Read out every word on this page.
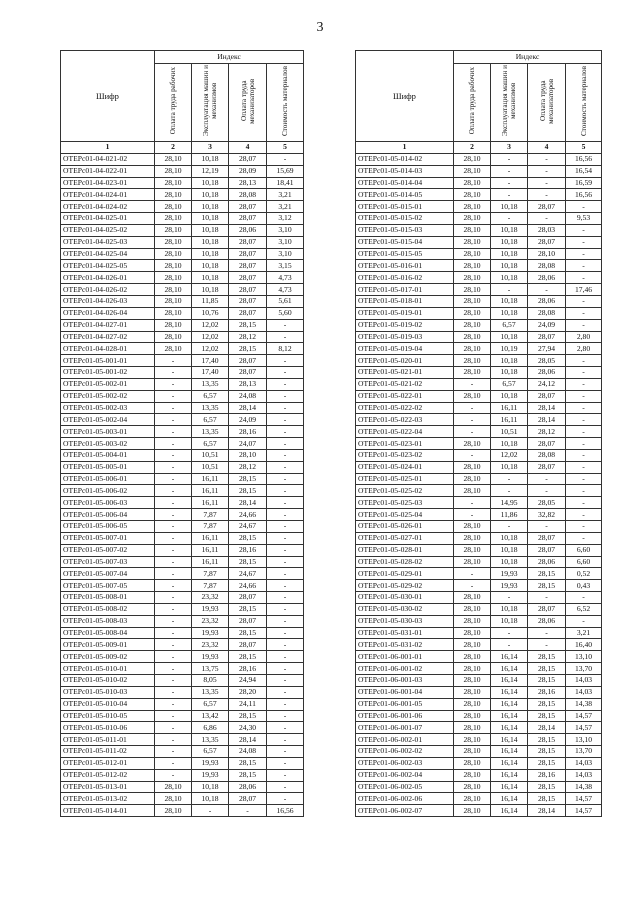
3
Шифр	Индекс			
	Оплата труда рабочих	Эксплуатация машин и механизмов	Оплата труда механизаторов	Стоимость материалов
1	2	3	4	5
ОТЕРс01-04-021-02	28,10	10,18	28,07	-
ОТЕРс01-04-022-01	28,10	12,19	28,09	15,69
ОТЕРс01-04-023-01	28,10	10,18	28,13	18,41
ОТЕРс01-04-024-01	28,10	10,18	28,08	3,21
ОТЕРс01-04-024-02	28,10	10,18	28,07	3,21
ОТЕРс01-04-025-01	28,10	10,18	28,07	3,12
ОТЕРс01-04-025-02	28,10	10,18	28,06	3,10
ОТЕРс01-04-025-03	28,10	10,18	28,07	3,10
ОТЕРс01-04-025-04	28,10	10,18	28,07	3,10
ОТЕРс01-04-025-05	28,10	10,18	28,07	3,15
ОТЕРс01-04-026-01	28,10	10,18	28,07	4,73
ОТЕРс01-04-026-02	28,10	10,18	28,07	4,73
ОТЕРс01-04-026-03	28,10	11,85	28,07	5,61
ОТЕРс01-04-026-04	28,10	10,76	28,07	5,60
ОТЕРс01-04-027-01	28,10	12,02	28,15	-
ОТЕРс01-04-027-02	28,10	12,02	28,12	-
ОТЕРс01-04-028-01	28,10	12,02	28,15	8,12
ОТЕРс01-05-001-01	-	17,40	28,07	-
ОТЕРс01-05-001-02	-	17,40	28,07	-
ОТЕРс01-05-002-01	-	13,35	28,13	-
ОТЕРс01-05-002-02	-	6,57	24,08	-
ОТЕРс01-05-002-03	-	13,35	28,14	-
ОТЕРс01-05-002-04	-	6,57	24,09	-
ОТЕРс01-05-003-01	-	13,35	28,16	-
ОТЕРс01-05-003-02	-	6,57	24,07	-
ОТЕРс01-05-004-01	-	10,51	28,10	-
ОТЕРс01-05-005-01	-	10,51	28,12	-
ОТЕРс01-05-006-01	-	16,11	28,15	-
ОТЕРс01-05-006-02	-	16,11	28,15	-
ОТЕРс01-05-006-03	-	16,11	28,14	-
ОТЕРс01-05-006-04	-	7,87	24,66	-
ОТЕРс01-05-006-05	-	7,87	24,67	-
ОТЕРс01-05-007-01	-	16,11	28,15	-
ОТЕРс01-05-007-02	-	16,11	28,16	-
ОТЕРс01-05-007-03	-	16,11	28,15	-
ОТЕРс01-05-007-04	-	7,87	24,67	-
ОТЕРс01-05-007-05	-	7,87	24,66	-
ОТЕРс01-05-008-01	-	23,32	28,07	-
ОТЕРс01-05-008-02	-	19,93	28,15	-
ОТЕРс01-05-008-03	-	23,32	28,07	-
ОТЕРс01-05-008-04	-	19,93	28,15	-
ОТЕРс01-05-009-01	-	23,32	28,07	-
ОТЕРс01-05-009-02	-	19,93	28,15	-
ОТЕРс01-05-010-01	-	13,75	28,16	-
ОТЕРс01-05-010-02	-	8,05	24,94	-
ОТЕРс01-05-010-03	-	13,35	28,20	-
ОТЕРс01-05-010-04	-	6,57	24,11	-
ОТЕРс01-05-010-05	-	13,42	28,15	-
ОТЕРс01-05-010-06	-	6,86	24,30	-
ОТЕРс01-05-011-01	-	13,35	28,14	-
ОТЕРс01-05-011-02	-	6,57	24,08	-
ОТЕРс01-05-012-01	-	19,93	28,15	-
ОТЕРс01-05-012-02	-	19,93	28,15	-
ОТЕРс01-05-013-01	28,10	10,18	28,06	-
ОТЕРс01-05-013-02	28,10	10,18	28,07	-
ОТЕРс01-05-014-01	28,10	-	-	16,56
Шифр	Индекс			
	Оплата труда рабочих	Эксплуатация машин и механизмов	Оплата труда механизаторов	Стоимость материалов
1	2	3	4	5
ОТЕРс01-05-014-02	28,10	-	-	16,56
ОТЕРс01-05-014-03	28,10	-	-	16,54
ОТЕРс01-05-014-04	28,10	-	-	16,59
ОТЕРс01-05-014-05	28,10	-	-	16,56
ОТЕРс01-05-015-01	28,10	10,18	28,07	-
ОТЕРс01-05-015-02	28,10	-	-	9,53
ОТЕРс01-05-015-03	28,10	10,18	28,03	-
ОТЕРс01-05-015-04	28,10	10,18	28,07	-
ОТЕРс01-05-015-05	28,10	10,18	28,10	-
ОТЕРс01-05-016-01	28,10	10,18	28,08	-
ОТЕРс01-05-016-02	28,10	10,18	28,06	-
ОТЕРс01-05-017-01	28,10	-	-	17,46
ОТЕРс01-05-018-01	28,10	10,18	28,06	-
ОТЕРс01-05-019-01	28,10	10,18	28,08	-
ОТЕРс01-05-019-02	28,10	6,57	24,09	-
ОТЕРс01-05-019-03	28,10	10,18	28,07	2,80
ОТЕРс01-05-019-04	28,10	10,19	27,94	2,80
ОТЕРс01-05-020-01	28,10	10,18	28,05	-
ОТЕРс01-05-021-01	28,10	10,18	28,06	-
ОТЕРс01-05-021-02	-	6,57	24,12	-
ОТЕРс01-05-022-01	28,10	10,18	28,07	-
ОТЕРс01-05-022-02	-	16,11	28,14	-
ОТЕРс01-05-022-03	-	16,11	28,14	-
ОТЕРс01-05-022-04	-	10,51	28,12	-
ОТЕРс01-05-023-01	28,10	10,18	28,07	-
ОТЕРс01-05-023-02	-	12,02	28,08	-
ОТЕРс01-05-024-01	28,10	10,18	28,07	-
ОТЕРс01-05-025-01	28,10	-	-	-
ОТЕРс01-05-025-02	28,10	-	-	-
ОТЕРс01-05-025-03	-	14,95	28,05	-
ОТЕРс01-05-025-04	-	11,86	32,82	-
ОТЕРс01-05-026-01	28,10	-	-	-
ОТЕРс01-05-027-01	28,10	10,18	28,07	-
ОТЕРс01-05-028-01	28,10	10,18	28,07	6,60
ОТЕРс01-05-028-02	28,10	10,18	28,06	6,60
ОТЕРс01-05-029-01	-	19,93	28,15	0,52
ОТЕРс01-05-029-02	-	19,93	28,15	0,43
ОТЕРс01-05-030-01	28,10	-	-	-
ОТЕРс01-05-030-02	28,10	10,18	28,07	6,52
ОТЕРс01-05-030-03	28,10	10,18	28,06	-
ОТЕРс01-05-031-01	28,10	-	-	3,21
ОТЕРс01-05-031-02	28,10	-	-	16,40
ОТЕРс01-06-001-01	28,10	16,14	28,15	13,10
ОТЕРс01-06-001-02	28,10	16,14	28,15	13,70
ОТЕРс01-06-001-03	28,10	16,14	28,15	14,03
ОТЕРс01-06-001-04	28,10	16,14	28,16	14,03
ОТЕРс01-06-001-05	28,10	16,14	28,15	14,38
ОТЕРс01-06-001-06	28,10	16,14	28,15	14,57
ОТЕРс01-06-001-07	28,10	16,14	28,14	14,57
ОТЕРс01-06-002-01	28,10	16,14	28,15	13,10
ОТЕРс01-06-002-02	28,10	16,14	28,15	13,70
ОТЕРс01-06-002-03	28,10	16,14	28,15	14,03
ОТЕРс01-06-002-04	28,10	16,14	28,16	14,03
ОТЕРс01-06-002-05	28,10	16,14	28,15	14,38
ОТЕРс01-06-002-06	28,10	16,14	28,15	14,57
ОТЕРс01-06-002-07	28,10	16,14	28,14	14,57
